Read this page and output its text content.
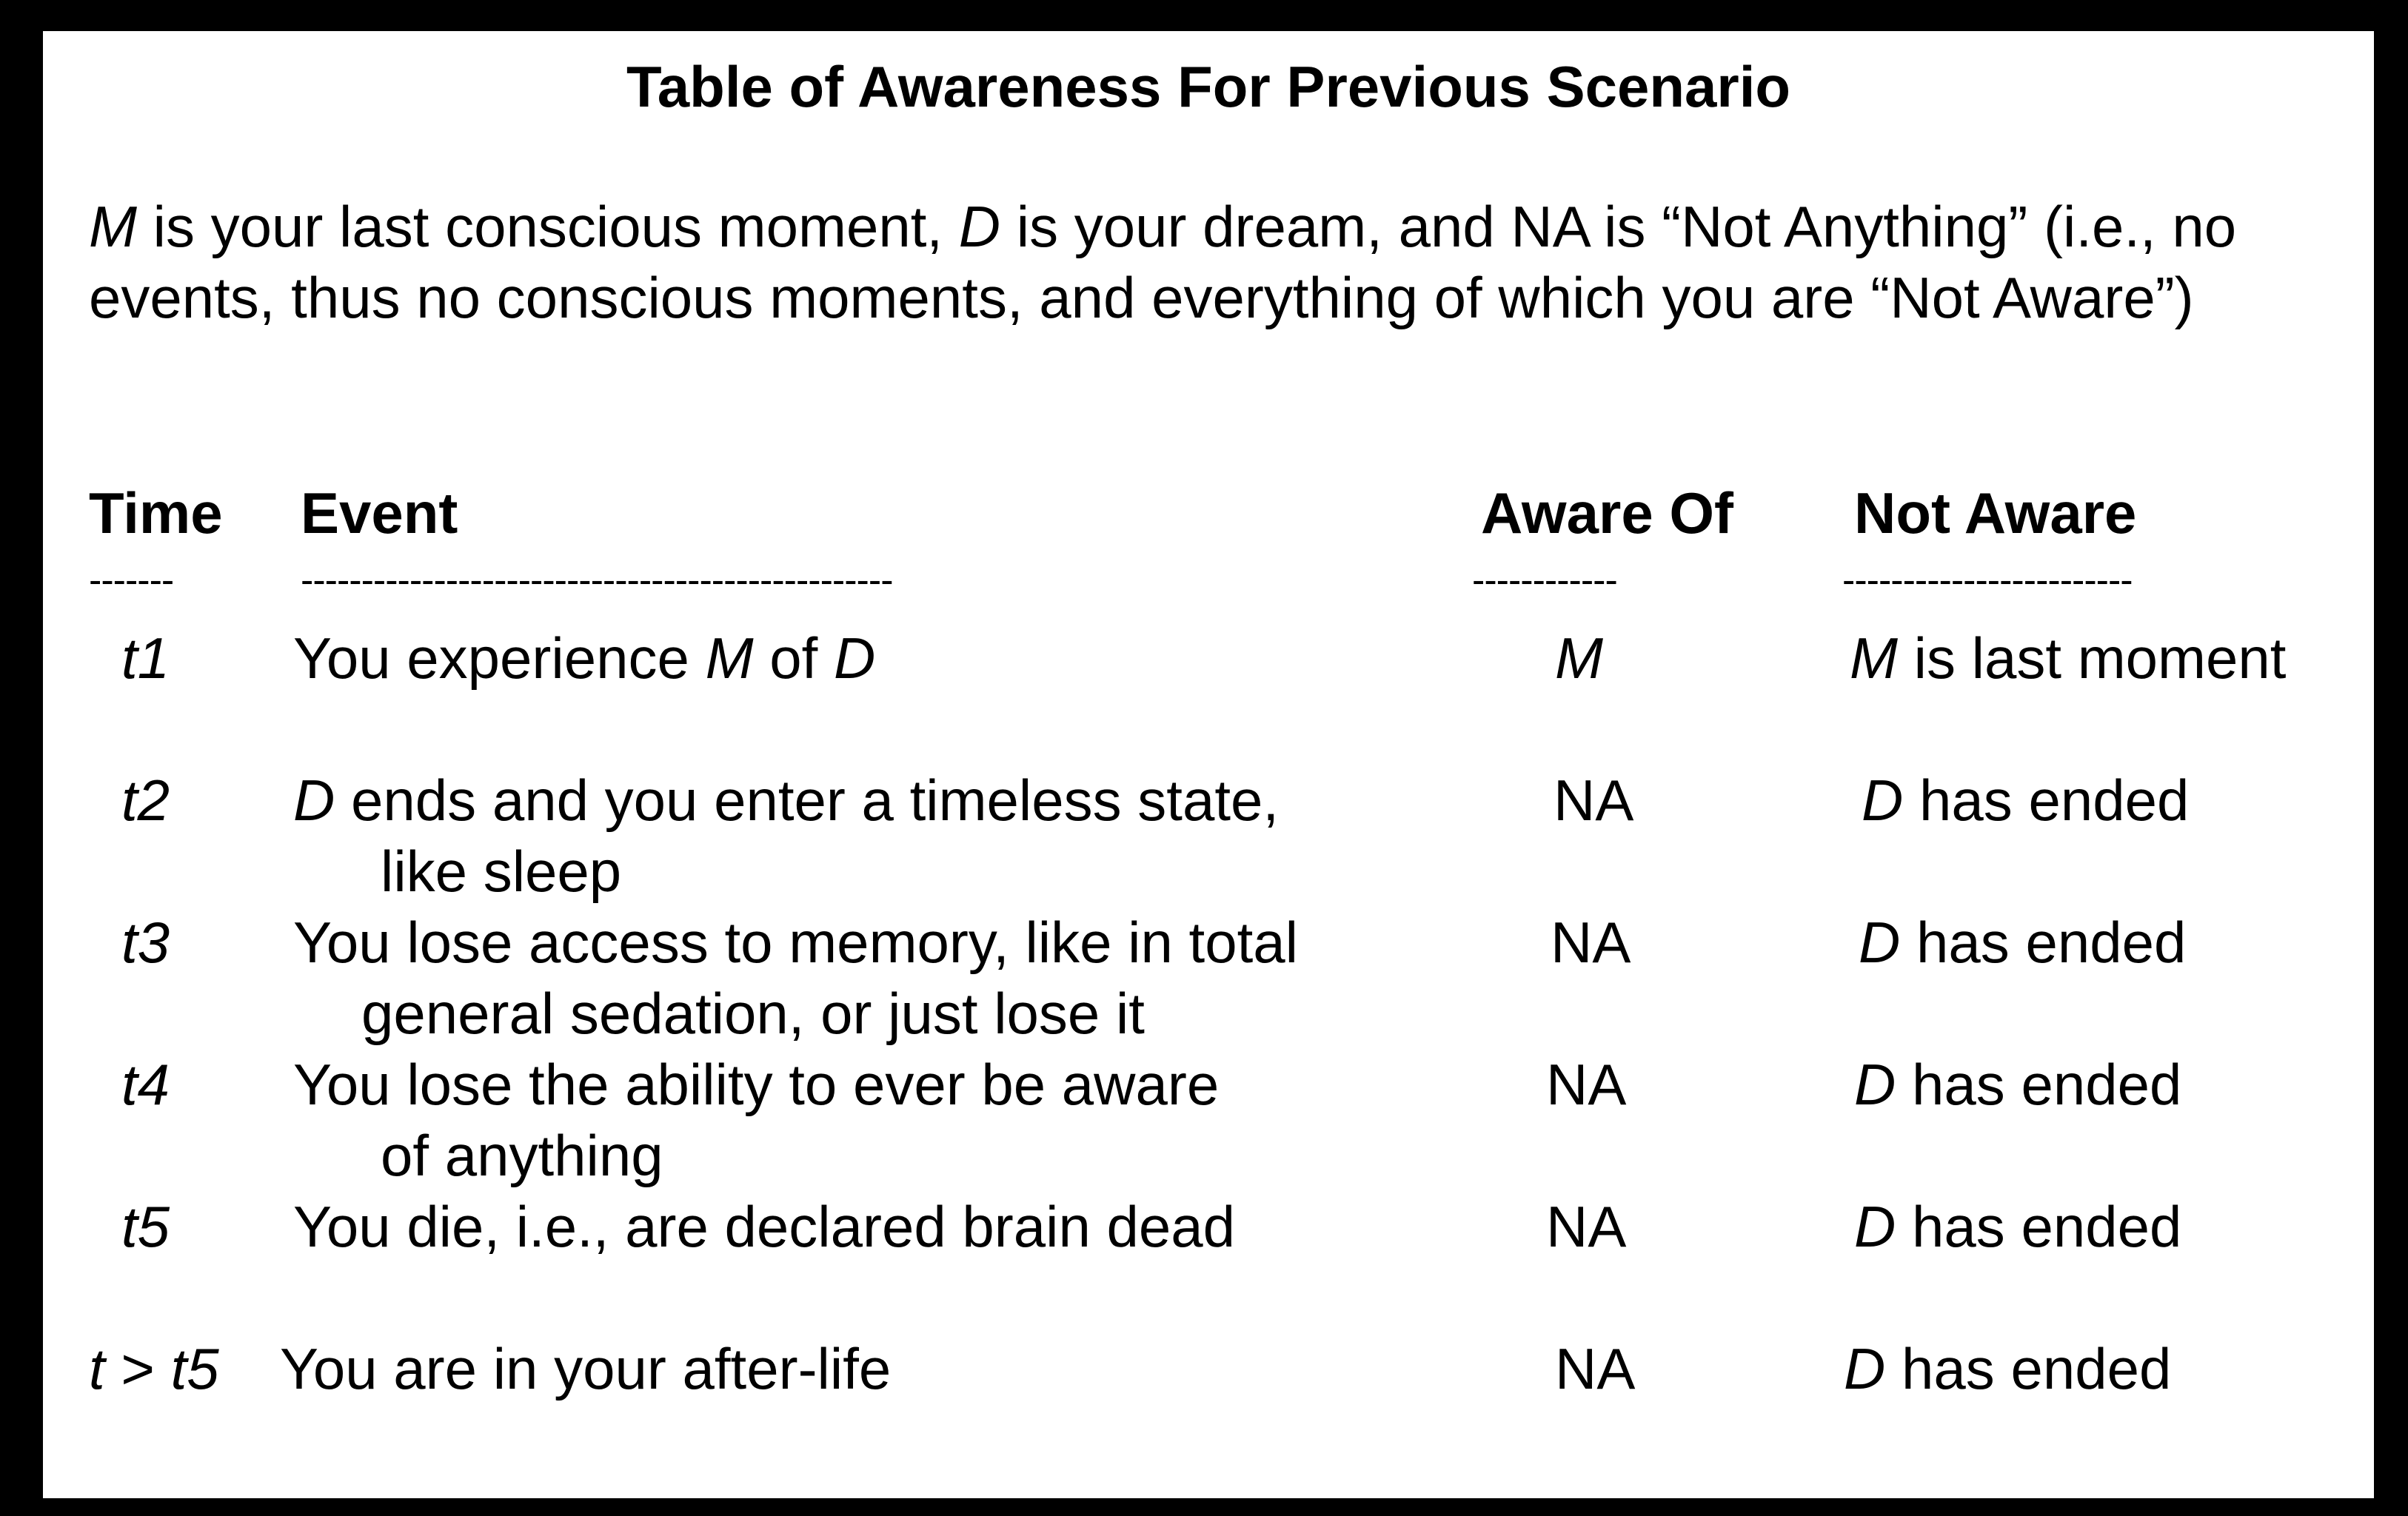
Table of Awareness For Previous Scenario

M is your last conscious moment, D is your dream, and NA is “Not Anything” (i.e., no events, thus no conscious moments, and everything of which you are “Not Aware”)

Time Event	Aware Of Not Aware
-------	-------------------------------------------------	------------	------------------------
t1 You experience M of D	M	M is last moment
t2 D ends and you enter a timeless state,
like sleep
NA	D has ended
t3 You lose access to memory, like in total
general sedation, or just lose it
NA	D has ended
t4 You lose the ability to ever be aware
of anything
NA	D has ended
t5 You die, i.e., are declared brain dead	NA	D has ended
t > t5 You are in your after-life	NA	D has ended
